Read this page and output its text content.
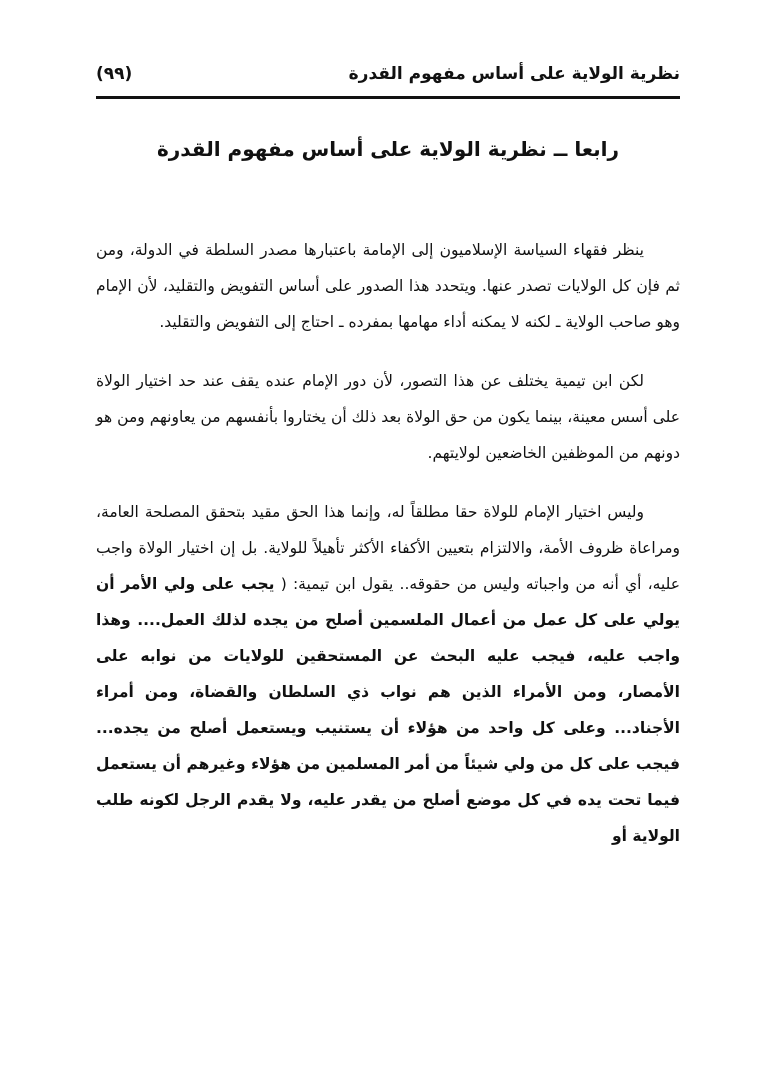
نظرية الولاية على أساس مفهوم القدرة
(٩٩)
رابعا ــ نظرية الولاية على أساس مفهوم القدرة

ينظر فقهاء السياسة الإسلاميون إلى الإمامة باعتبارها مصدر السلطة في الدولة، ومن ثم فإن كل الولايات تصدر عنها. ويتحدد هذا الصدور على أساس التفويض والتقليد، لأن الإمام وهو صاحب الولاية ـ لكنه لا يمكنه أداء مهامها بمفرده ـ احتاج إلى التفويض والتقليد.

لكن ابن تيمية يختلف عن هذا التصور، لأن دور الإمام عنده يقف عند حد اختيار الولاة على أسس معينة، بينما يكون من حق الولاة بعد ذلك أن يختاروا بأنفسهم من يعاونهم ومن هو دونهم من الموظفين الخاضعين لولايتهم.

وليس اختيار الإمام للولاة حقا مطلقاً له، وإنما هذا الحق مقيد بتحقق المصلحة العامة، ومراعاة ظروف الأمة، والالتزام بتعيين الأكفاء الأكثر تأهيلاً للولاية. بل إن اختيار الولاة واجب عليه، أي أنه من واجباته وليس من حقوقه.. يقول ابن تيمية: ( يجب على ولي الأمر أن يولي على كل عمل من أعمال الملسمين أصلح من يجده لذلك العمل.... وهذا واجب عليه، فيجب عليه البحث عن المستحقين للولايات من نوابه على الأمصار، ومن الأمراء الذين هم نواب ذي السلطان والقضاة، ومن أمراء الأجناد... وعلى كل واحد من هؤلاء أن يستنيب ويستعمل أصلح من يجده... فيجب على كل من ولي شيئاً من أمر المسلمين من هؤلاء وغيرهم أن يستعمل فيما تحت يده في كل موضع أصلح من يقدر عليه، ولا يقدم الرجل لكونه طلب الولاية أو
